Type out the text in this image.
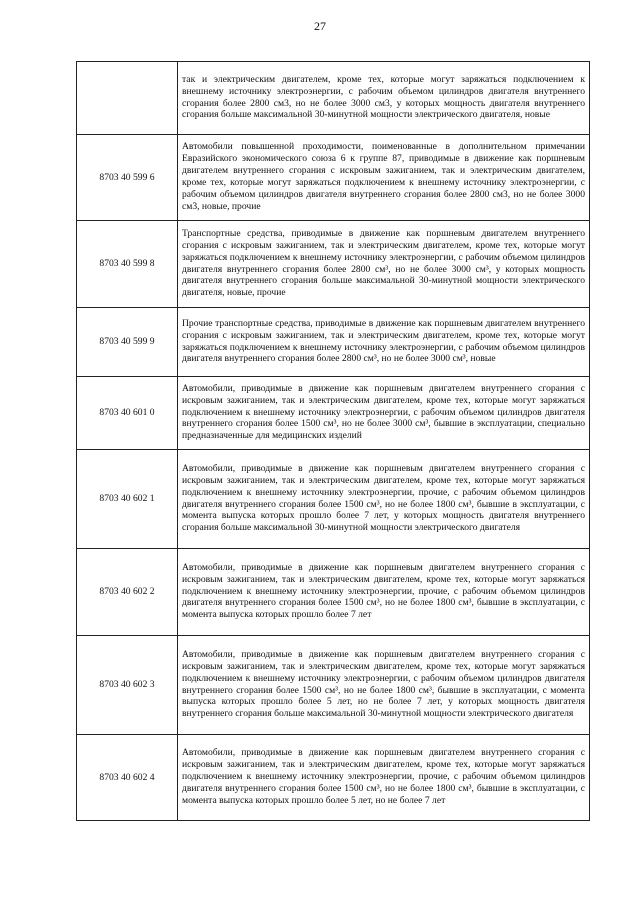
27
	так и электрическим двигателем, кроме тех, которые могут заряжаться подключением к внешнему источнику электроэнергии, с рабочим объемом цилиндров двигателя внутреннего сгорания более 2800 см3, но не более 3000 см3, у которых мощность двигателя внутреннего сгорания больше максимальной 30-минутной мощности электрического двигателя, новые
8703 40 599 6	Автомобили повышенной проходимости, поименованные в дополнительном примечании Евразийского экономического союза 6 к группе 87, приводимые в движение как поршневым двигателем внутреннего сгорания с искровым зажиганием, так и электрическим двигателем, кроме тех, которые могут заряжаться подключением к внешнему источнику электроэнергии, с рабочим объемом цилиндров двигателя внутреннего сгорания более 2800 см3, но не более 3000 см3, новые, прочие
8703 40 599 8	Транспортные средства, приводимые в движение как поршневым двигателем внутреннего сгорания с искровым зажиганием, так и электрическим двигателем, кроме тех, которые могут заряжаться подключением к внешнему источнику электроэнергии, с рабочим объемом цилиндров двигателя внутреннего сгорания более 2800 см³, но не более 3000 см³, у которых мощность двигателя внутреннего сгорания больше максимальной 30-минутной мощности электрического двигателя, новые, прочие
8703 40 599 9	Прочие транспортные средства, приводимые в движение как поршневым двигателем внутреннего сгорания с искровым зажиганием, так и электрическим двигателем, кроме тех, которые могут заряжаться подключением к внешнему источнику электроэнергии, с рабочим объемом цилиндров двигателя внутреннего сгорания более 2800 см³, но не более 3000 см³, новые
8703 40 601 0	Автомобили, приводимые в движение как поршневым двигателем внутреннего сгорания с искровым зажиганием, так и электрическим двигателем, кроме тех, которые могут заряжаться подключением к внешнему источнику электроэнергии, с рабочим объемом цилиндров двигателя внутреннего сгорания более 1500 см³, но не более 3000 см³, бывшие в эксплуатации, специально предназначенные для медицинских изделий
8703 40 602 1	Автомобили, приводимые в движение как поршневым двигателем внутреннего сгорания с искровым зажиганием, так и электрическим двигателем, кроме тех, которые могут заряжаться подключением к внешнему источнику электроэнергии, прочие, с рабочим объемом цилиндров двигателя внутреннего сгорания более 1500 см³, но не более 1800 см³, бывшие в эксплуатации, с момента выпуска которых прошло более 7 лет, у которых мощность двигателя внутреннего сгорания больше максимальной 30-минутной мощности электрического двигателя
8703 40 602 2	Автомобили, приводимые в движение как поршневым двигателем внутреннего сгорания с искровым зажиганием, так и электрическим двигателем, кроме тех, которые могут заряжаться подключением к внешнему источнику электроэнергии, прочие, с рабочим объемом цилиндров двигателя внутреннего сгорания более 1500 см³, но не более 1800 см³, бывшие в эксплуатации, с момента выпуска которых прошло более 7 лет
8703 40 602 3	Автомобили, приводимые в движение как поршневым двигателем внутреннего сгорания с искровым зажиганием, так и электрическим двигателем, кроме тех, которые могут заряжаться подключением к внешнему источнику электроэнергии, с рабочим объемом цилиндров двигателя внутреннего сгорания более 1500 см³, но не более 1800 см³, бывшие в эксплуатации, с момента выпуска которых прошло более 5 лет, но не более 7 лет, у которых мощность двигателя внутреннего сгорания больше максимальной 30-минутной мощности электрического двигателя
8703 40 602 4	Автомобили, приводимые в движение как поршневым двигателем внутреннего сгорания с искровым зажиганием, так и электрическим двигателем, кроме тех, которые могут заряжаться подключением к внешнему источнику электроэнергии, прочие, с рабочим объемом цилиндров двигателя внутреннего сгорания более 1500 см³, но не более 1800 см³, бывшие в эксплуатации, с момента выпуска которых прошло более 5 лет, но не более 7 лет
